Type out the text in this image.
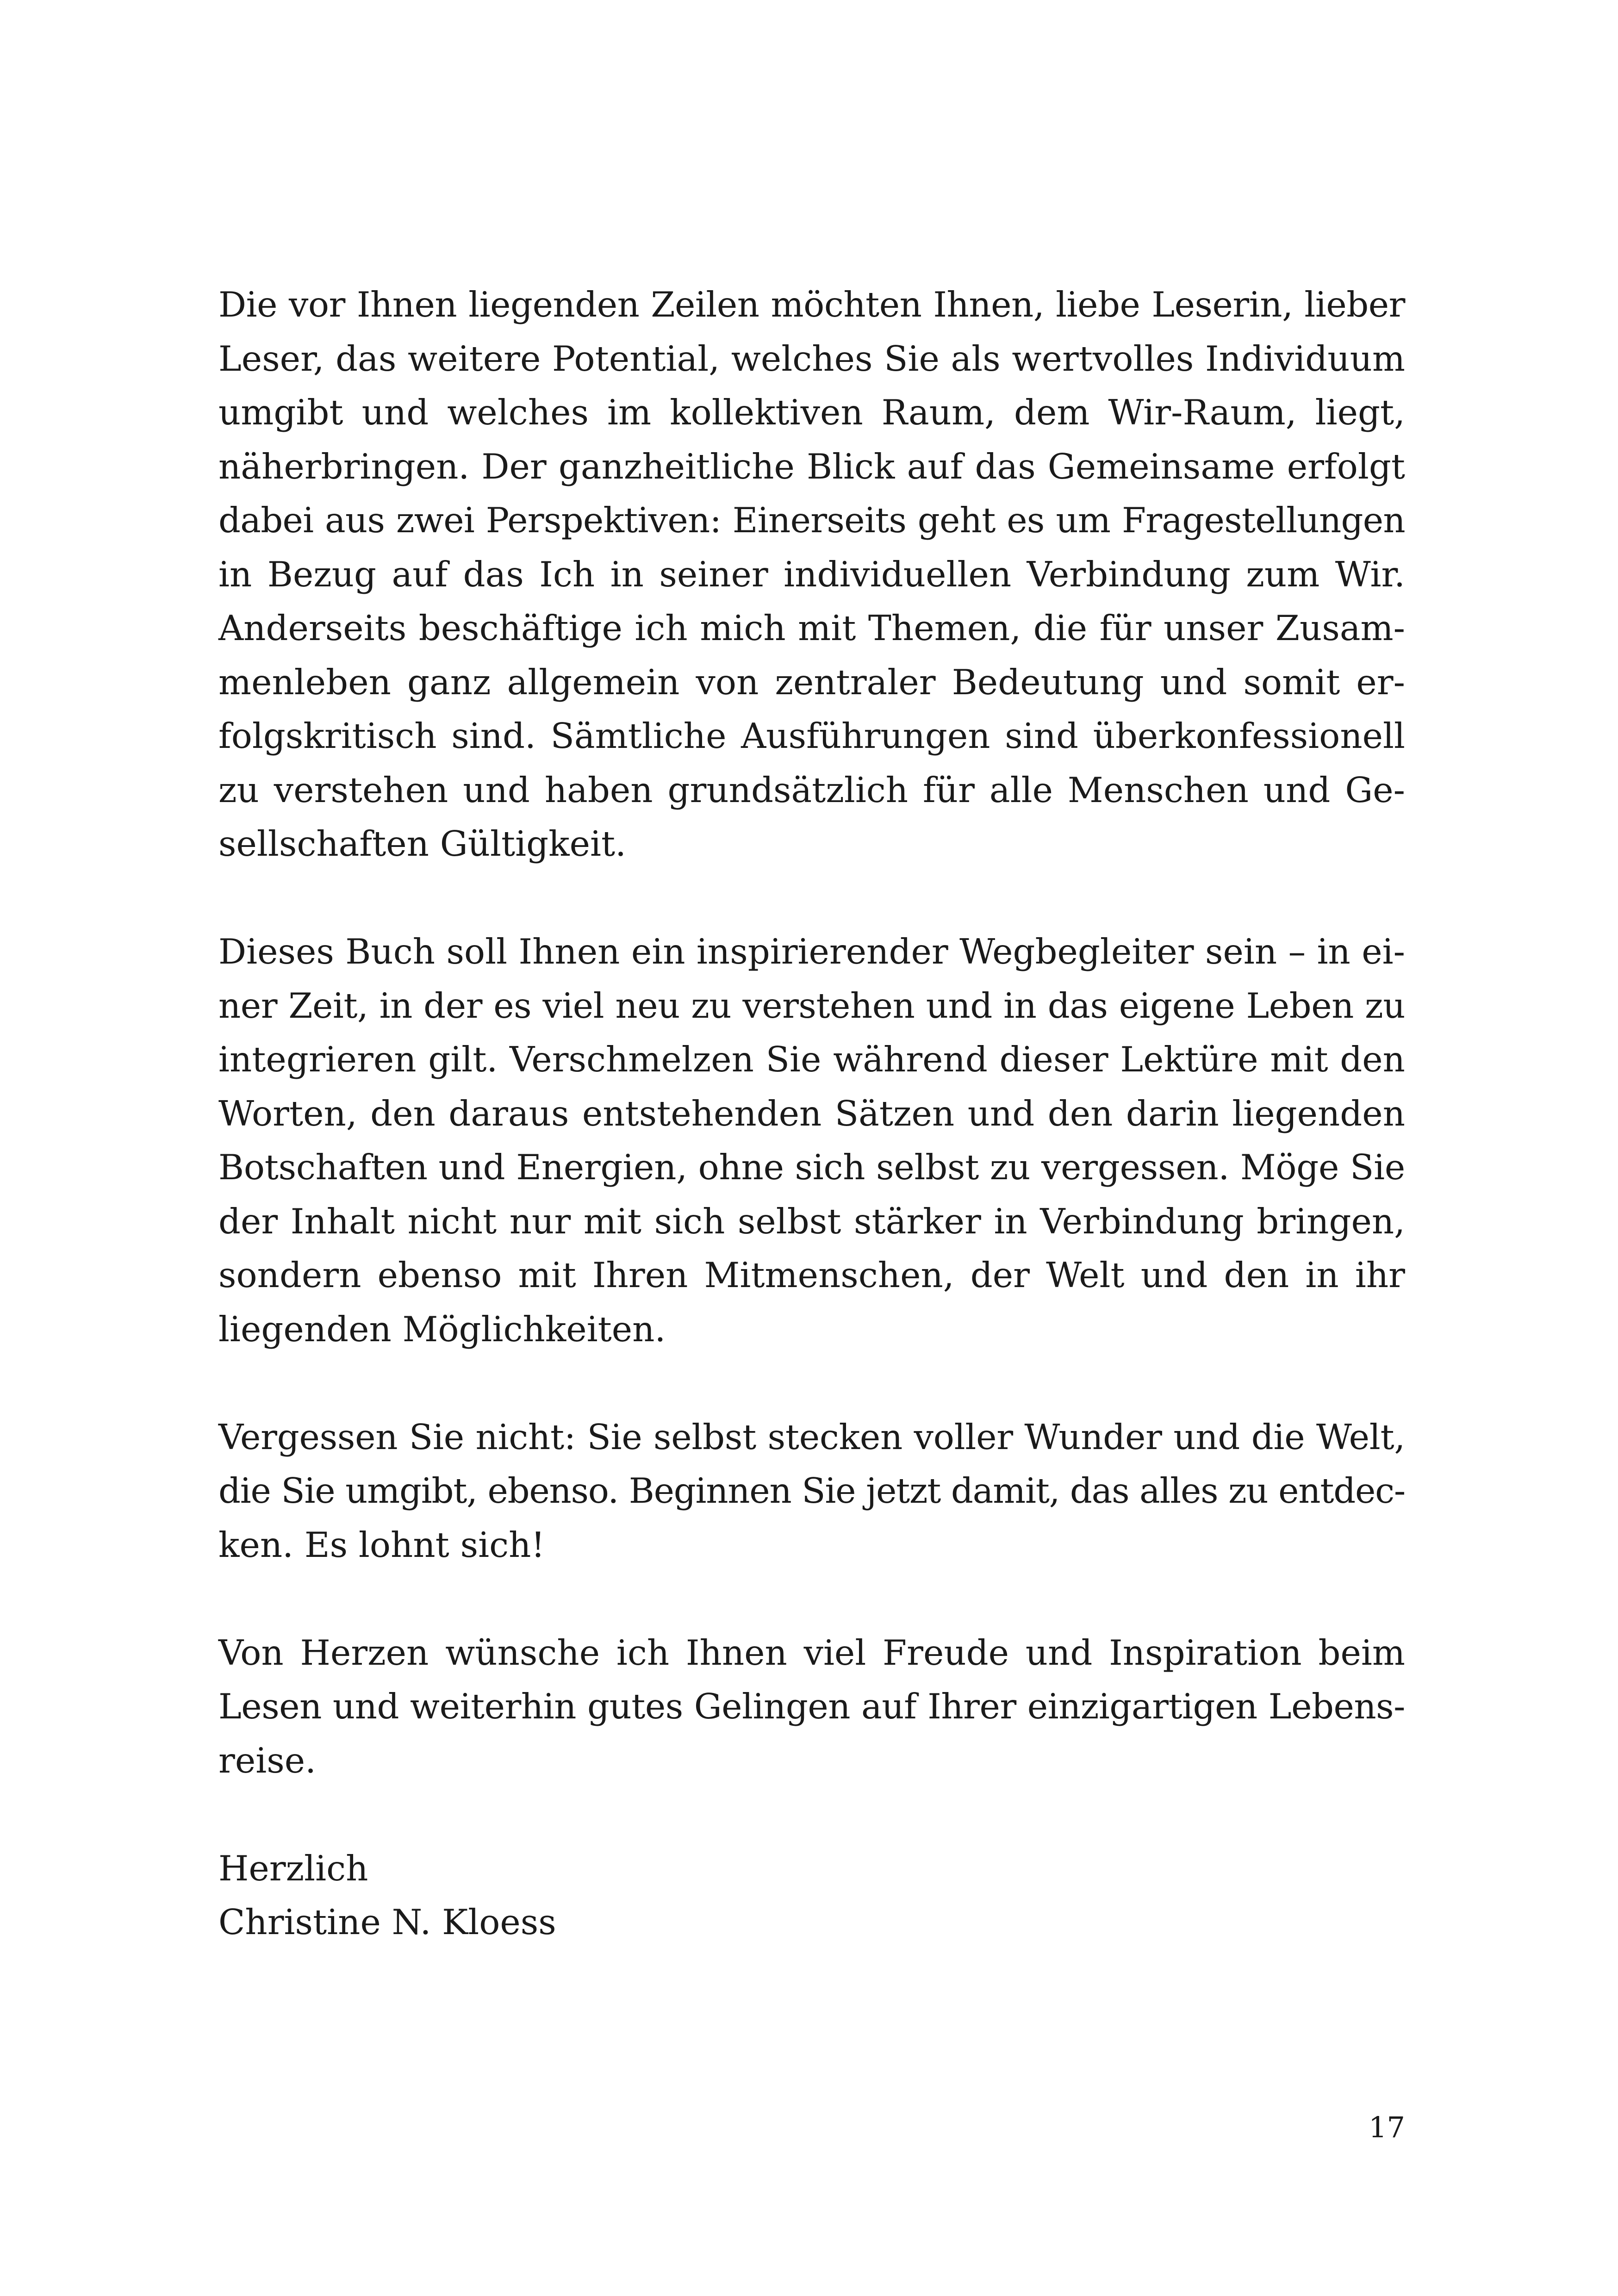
Die vor Ihnen liegenden Zeilen möchten Ihnen, liebe Leserin, lieber
Leser, das weitere Potential, welches Sie als wertvolles Individuum
umgibt und welches im kollektiven Raum, dem Wir-Raum, liegt,
näherbringen. Der ganzheitliche Blick auf das Gemeinsame erfolgt
dabei aus zwei Perspektiven: Einerseits geht es um Fragestellungen
in Bezug auf das Ich in seiner individuellen Verbindung zum Wir.
Anderseits beschäftige ich mich mit Themen, die für unser Zusam-
menleben ganz allgemein von zentraler Bedeutung und somit er-
folgskritisch sind. Sämtliche Ausführungen sind überkonfessionell
zu verstehen und haben grundsätzlich für alle Menschen und Ge-
sellschaften Gültigkeit.

Dieses Buch soll Ihnen ein inspirierender Wegbegleiter sein – in ei-
ner Zeit, in der es viel neu zu verstehen und in das eigene Leben zu
integrieren gilt. Verschmelzen Sie während dieser Lektüre mit den
Worten, den daraus entstehenden Sätzen und den darin liegenden
Botschaften und Energien, ohne sich selbst zu vergessen. Möge Sie
der Inhalt nicht nur mit sich selbst stärker in Verbindung bringen,
sondern ebenso mit Ihren Mitmenschen, der Welt und den in ihr
liegenden Möglichkeiten.

Vergessen Sie nicht: Sie selbst stecken voller Wunder und die Welt,
die Sie umgibt, ebenso. Beginnen Sie jetzt damit, das alles zu entdec-
ken. Es lohnt sich!

Von Herzen wünsche ich Ihnen viel Freude und Inspiration beim
Lesen und weiterhin gutes Gelingen auf Ihrer einzigartigen Lebens-
reise.

Herzlich
Christine N. Kloess

17
